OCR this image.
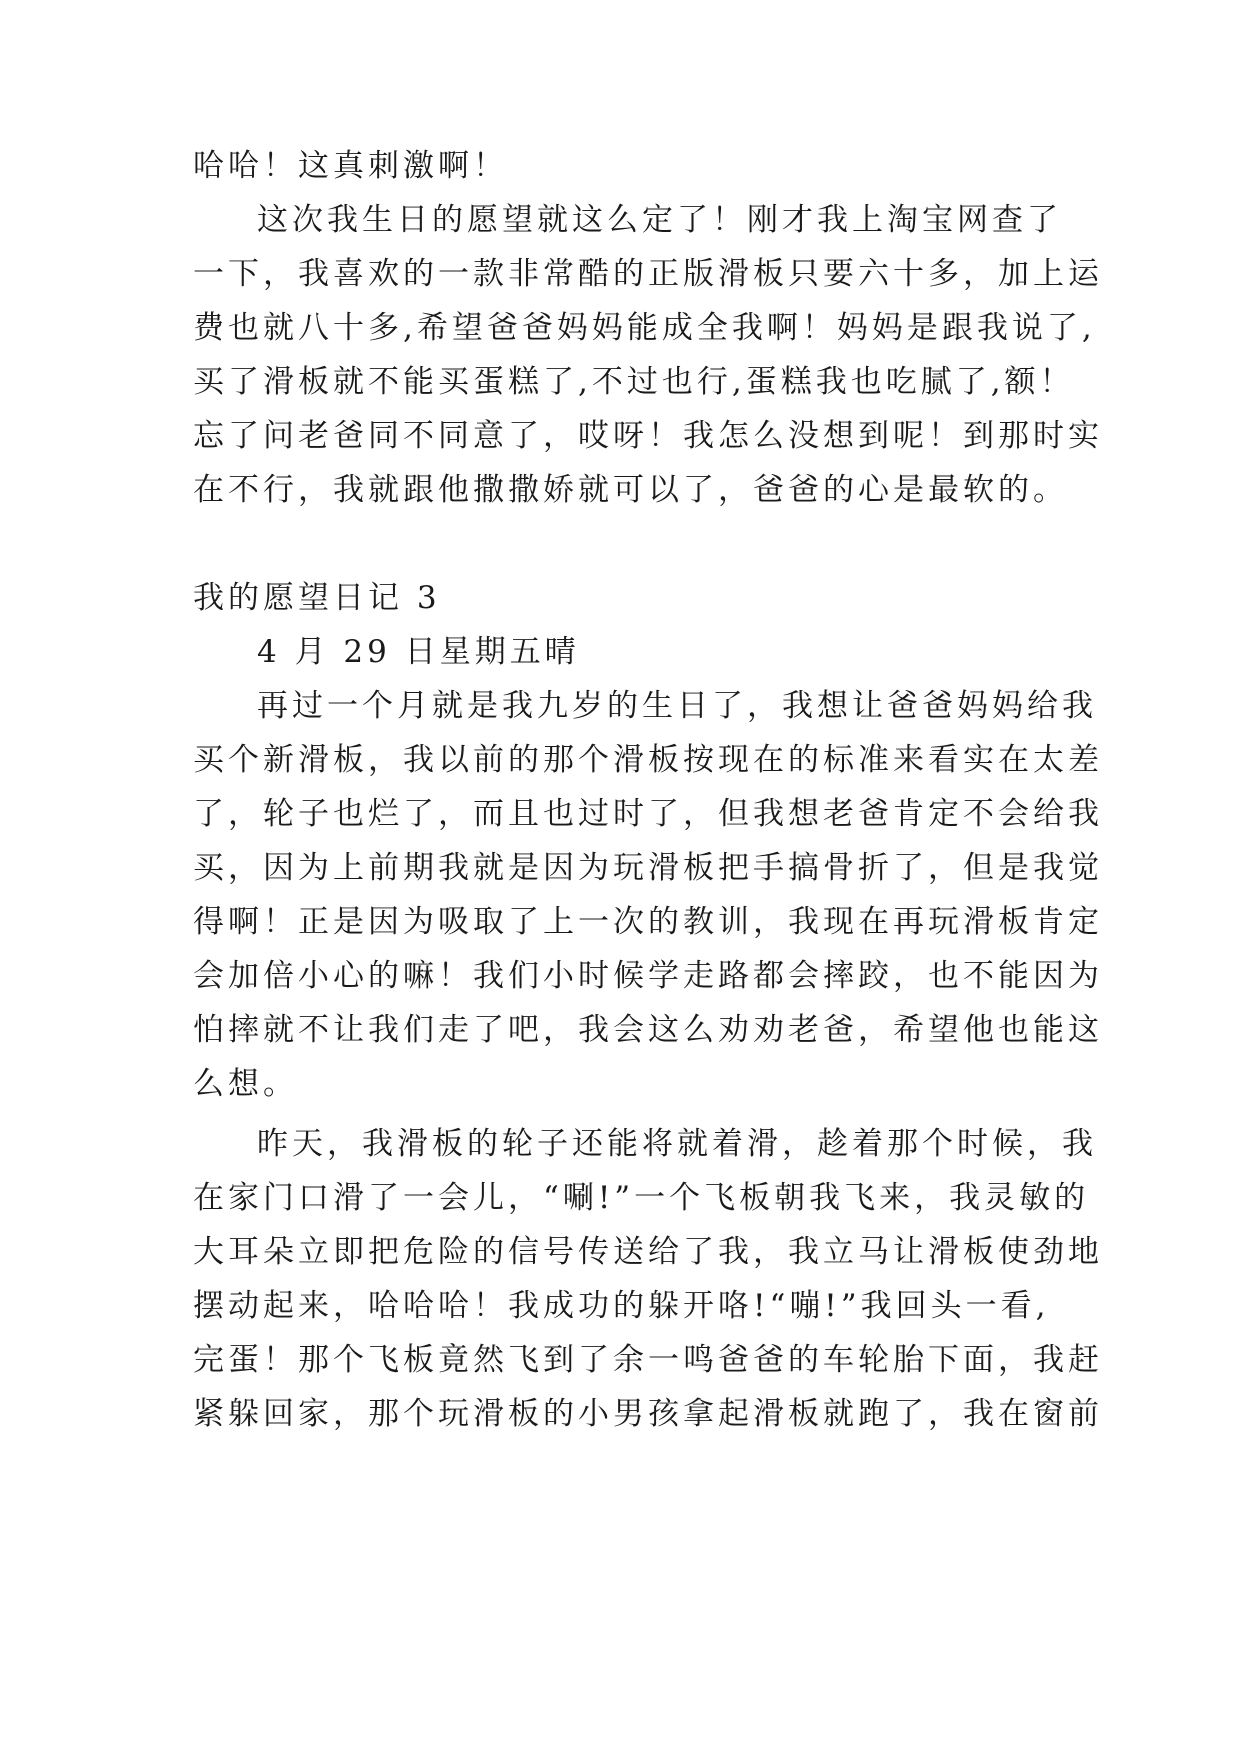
哈哈！这真刺激啊！
这次我生日的愿望就这么定了！刚才我上淘宝网查了
一下，我喜欢的一款非常酷的正版滑板只要六十多，加上运
费也就八十多,希望爸爸妈妈能成全我啊！妈妈是跟我说了,
买了滑板就不能买蛋糕了,不过也行,蛋糕我也吃腻了,额！
忘了问老爸同不同意了，哎呀！我怎么没想到呢！到那时实
在不行，我就跟他撒撒娇就可以了，爸爸的心是最软的。
我的愿望日记 3
4 月 29 日星期五晴
再过一个月就是我九岁的生日了，我想让爸爸妈妈给我
买个新滑板，我以前的那个滑板按现在的标准来看实在太差
了，轮子也烂了，而且也过时了，但我想老爸肯定不会给我
买，因为上前期我就是因为玩滑板把手搞骨折了，但是我觉
得啊！正是因为吸取了上一次的教训，我现在再玩滑板肯定
会加倍小心的嘛！我们小时候学走路都会摔跤，也不能因为
怕摔就不让我们走了吧，我会这么劝劝老爸，希望他也能这
么想。
昨天，我滑板的轮子还能将就着滑，趁着那个时候，我
在家门口滑了一会儿，“唰!”一个飞板朝我飞来，我灵敏的
大耳朵立即把危险的信号传送给了我，我立马让滑板使劲地
摆动起来，哈哈哈！我成功的躲开咯!“嘣!”我回头一看,
完蛋！那个飞板竟然飞到了余一鸣爸爸的车轮胎下面，我赶
紧躲回家，那个玩滑板的小男孩拿起滑板就跑了，我在窗前
